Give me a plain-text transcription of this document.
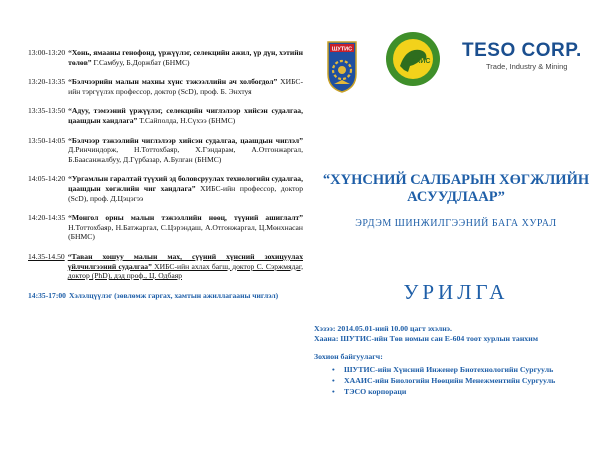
13:00-13:20 “Хонь, ямааны генофонд, үржүүлэг, селекцийн ажил, үр дүн, хэтийн төлөв” Г.Самбуу, Б.Доржбат (БНМС)
13:20-13:35 “Бэлчээрийн малын махны хүнс тэжээллийн ач холбогдол” ХИБС-ийн тэргүүлэх профессор, доктор (ScD), проф. Б. Энхтуя
13:35-13:50 “Адуу, тэмээний үржүүлэг, селекцийн чиглэлээр хийсэн судалгаа, цаашдын хандлага” Т.Сайполда, Н.Сүхээ (БНМС)
13:50-14:05 “Бэлчээр тэжээлийн чиглэлээр хийсэн судалгаа, цаашдын чиглэл” Д.Ринчиндорж, Н.Тоттохбаяр, Х.Гэндарам, А.Отгонжаргал, Б.Баасанжалбуу, Д.Гүрбазар, А.Булган (БНМС)
14:05-14:20 “Ургамлын гаралтай түүхий эд боловсруулах технологийн судалгаа, цаашдын хөгжлийн чиг хандлага” ХИБС-ийн профессор, доктор (ScD), проф. Д.Цэцэгээ
14:20-14:35 “Монгол орны малын тэжээллийн нөөц, түүний ашиглалт” Н.Тоттохбаяр, Н.Батжаргал, С.Цэрэндаш, А.Отгонжаргал, Ц.Мөнхнасан (БНМС)
14.35-14.50 “Таван хошуу малын мах, сүүний хүнсний зохицуулах үйлчилгээний судалгаа” ХИБС-ийн ахлах багш, доктор С. Сэржмядаг, доктор (PhD), дэд проф., Ц. Одбаяр
14:35-17:00 Хэлэлцүүлэг (зөвлөмж гаргах, хамтын ажиллагааны чиглэл)
ШУТИС
ХААИС
TESO CORP.
Trade, Industry & Mining
“ХҮНСНИЙ САЛБАРЫН ХӨГЖЛИЙН АСУУДЛААР”
ЭРДЭМ ШИНЖИЛГЭЭНИЙ БАГА ХУРАЛ
УРИЛГА

Хэзээ: 2014.05.01-ний 10.00 цагт эхэлнэ.

Хаана: ШУТИС-ийн Төв номын сан Е-604 тоот хурлын танхим

Зохион байгуулагч:

• ШУТИС-ийн Хүнсний Инженер Биотехнологийн Сургууль
• ХААИС-ийн Биологийн Нөөцийн Менежментийн Сургууль
• ТЭСО корпораци
